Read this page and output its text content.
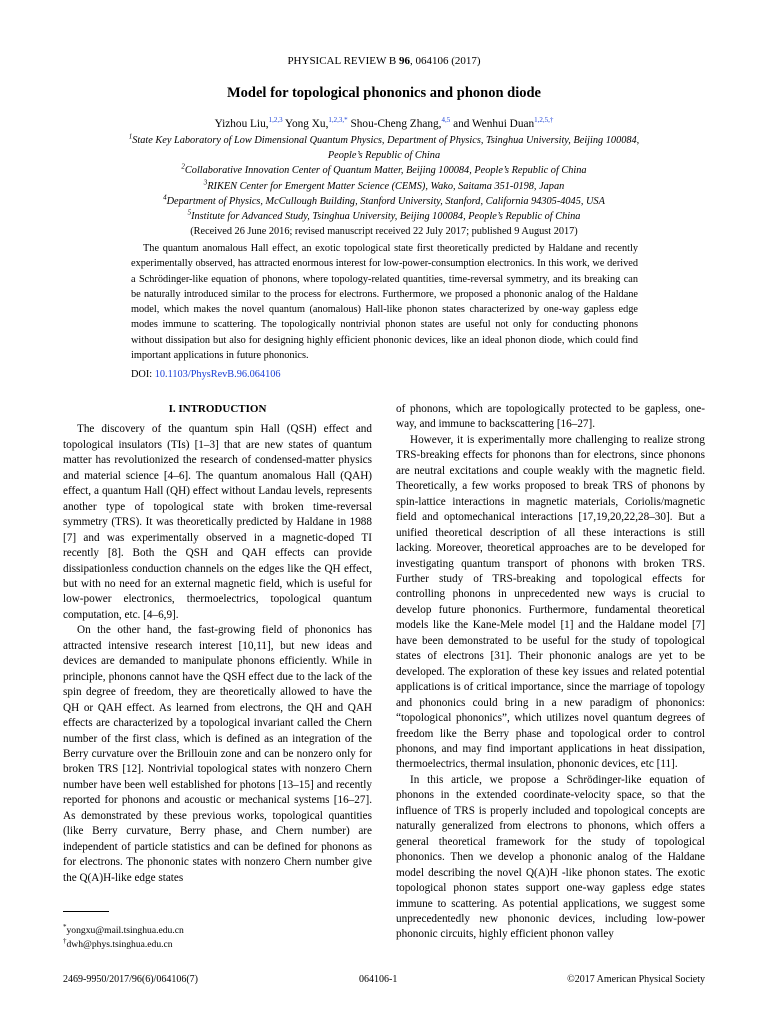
PHYSICAL REVIEW B 96, 064106 (2017)
Model for topological phononics and phonon diode
Yizhou Liu,$^{1,2,3}$ Yong Xu,$^{1,2,3,*}$ Shou-Cheng Zhang,$^{4,5}$ and Wenhui Duan$^{1,2,5,\dagger}$
$^1$State Key Laboratory of Low Dimensional Quantum Physics, Department of Physics, Tsinghua University, Beijing 100084, People’s Republic of China
$^2$Collaborative Innovation Center of Quantum Matter, Beijing 100084, People’s Republic of China
$^3$RIKEN Center for Emergent Matter Science (CEMS), Wako, Saitama 351-0198, Japan
$^4$Department of Physics, McCullough Building, Stanford University, Stanford, California 94305-4045, USA
$^5$Institute for Advanced Study, Tsinghua University, Beijing 100084, People’s Republic of China
(Received 26 June 2016; revised manuscript received 22 July 2017; published 9 August 2017)
The quantum anomalous Hall effect, an exotic topological state first theoretically predicted by Haldane and recently experimentally observed, has attracted enormous interest for low-power-consumption electronics. In this work, we derived a Schrödinger-like equation of phonons, where topology-related quantities, time-reversal symmetry, and its breaking can be naturally introduced similar to the process for electrons. Furthermore, we proposed a phononic analog of the Haldane model, which makes the novel quantum (anomalous) Hall-like phonon states characterized by one-way gapless edge modes immune to scattering. The topologically nontrivial phonon states are useful not only for conducting phonons without dissipation but also for designing highly efficient phononic devices, like an ideal phonon diode, which could find important applications in future phononics.
DOI: 10.1103/PhysRevB.96.064106
I. INTRODUCTION

The discovery of the quantum spin Hall (QSH) effect and topological insulators (TIs) [1–3] that are new states of quantum matter has revolutionized the research of condensed-matter physics and material science [4–6]. The quantum anomalous Hall (QAH) effect, a quantum Hall (QH) effect without Landau levels, represents another type of topological state with broken time-reversal symmetry (TRS). It was theoretically predicted by Haldane in 1988 [7] and was experimentally observed in a magnetic-doped TI recently [8]. Both the QSH and QAH effects can provide dissipationless conduction channels on the edges like the QH effect, but with no need for an external magnetic field, which is useful for low-power electronics, thermoelectrics, topological quantum computation, etc. [4–6,9].

On the other hand, the fast-growing field of phononics has attracted intensive research interest [10,11], but new ideas and devices are demanded to manipulate phonons efficiently. While in principle, phonons cannot have the QSH effect due to the lack of the spin degree of freedom, they are theoretically allowed to have the QH or QAH effect. As learned from electrons, the QH and QAH effects are characterized by a topological invariant called the Chern number of the first class, which is defined as an integration of the Berry curvature over the Brillouin zone and can be nonzero only for broken TRS [12]. Nontrivial topological states with nonzero Chern number have been well established for photons [13–15] and recently reported for phonons and acoustic or mechanical systems [16–27]. As demonstrated by these previous works, topological quantities (like Berry curvature, Berry phase, and Chern number) are independent of particle statistics and can be defined for phonons as for electrons. The phononic states with nonzero Chern number give the Q(A)H-like edge states

of phonons, which are topologically protected to be gapless, one-way, and immune to backscattering [16–27].

However, it is experimentally more challenging to realize strong TRS-breaking effects for phonons than for electrons, since phonons are neutral excitations and couple weakly with the magnetic field. Theoretically, a few works proposed to break TRS of phonons by spin-lattice interactions in magnetic materials, Coriolis/magnetic field and optomechanical interactions [17,19,20,22,28–30]. But a unified theoretical description of all these interactions is still lacking. Moreover, theoretical approaches are to be developed for investigating quantum transport of phonons with broken TRS. Further study of TRS-breaking and topological effects for controlling phonons in unprecedented new ways is crucial to develop future phononics. Furthermore, fundamental theoretical models like the Kane-Mele model [1] and the Haldane model [7] have been demonstrated to be useful for the study of topological states of electrons [31]. Their phononic analogs are yet to be developed. The exploration of these key issues and related potential applications is of critical importance, since the marriage of topology and phononics could bring in a new paradigm of phononics: “topological phononics”, which utilizes novel quantum degrees of freedom like the Berry phase and topological order to control phonons, and may find important applications in heat dissipation, thermoelectrics, thermal insulation, phononic devices, etc [11].

In this article, we propose a Schrödinger-like equation of phonons in the extended coordinate-velocity space, so that the influence of TRS is properly included and topological concepts are naturally generalized from electrons to phonons, which offers a general theoretical framework for the study of topological phononics. Then we develop a phononic analog of the Haldane model describing the novel Q(A)H -like phonon states. The exotic topological phonon states support one-way gapless edge states immune to scattering. As potential applications, we suggest some unprecedentedly new phononic devices, including low-power phononic circuits, highly efficient phonon valley

*yongxu@mail.tsinghua.edu.cn
†dwh@phys.tsinghua.edu.cn
2469-9950/2017/96(6)/064106(7)	064106-1	©2017 American Physical Society
